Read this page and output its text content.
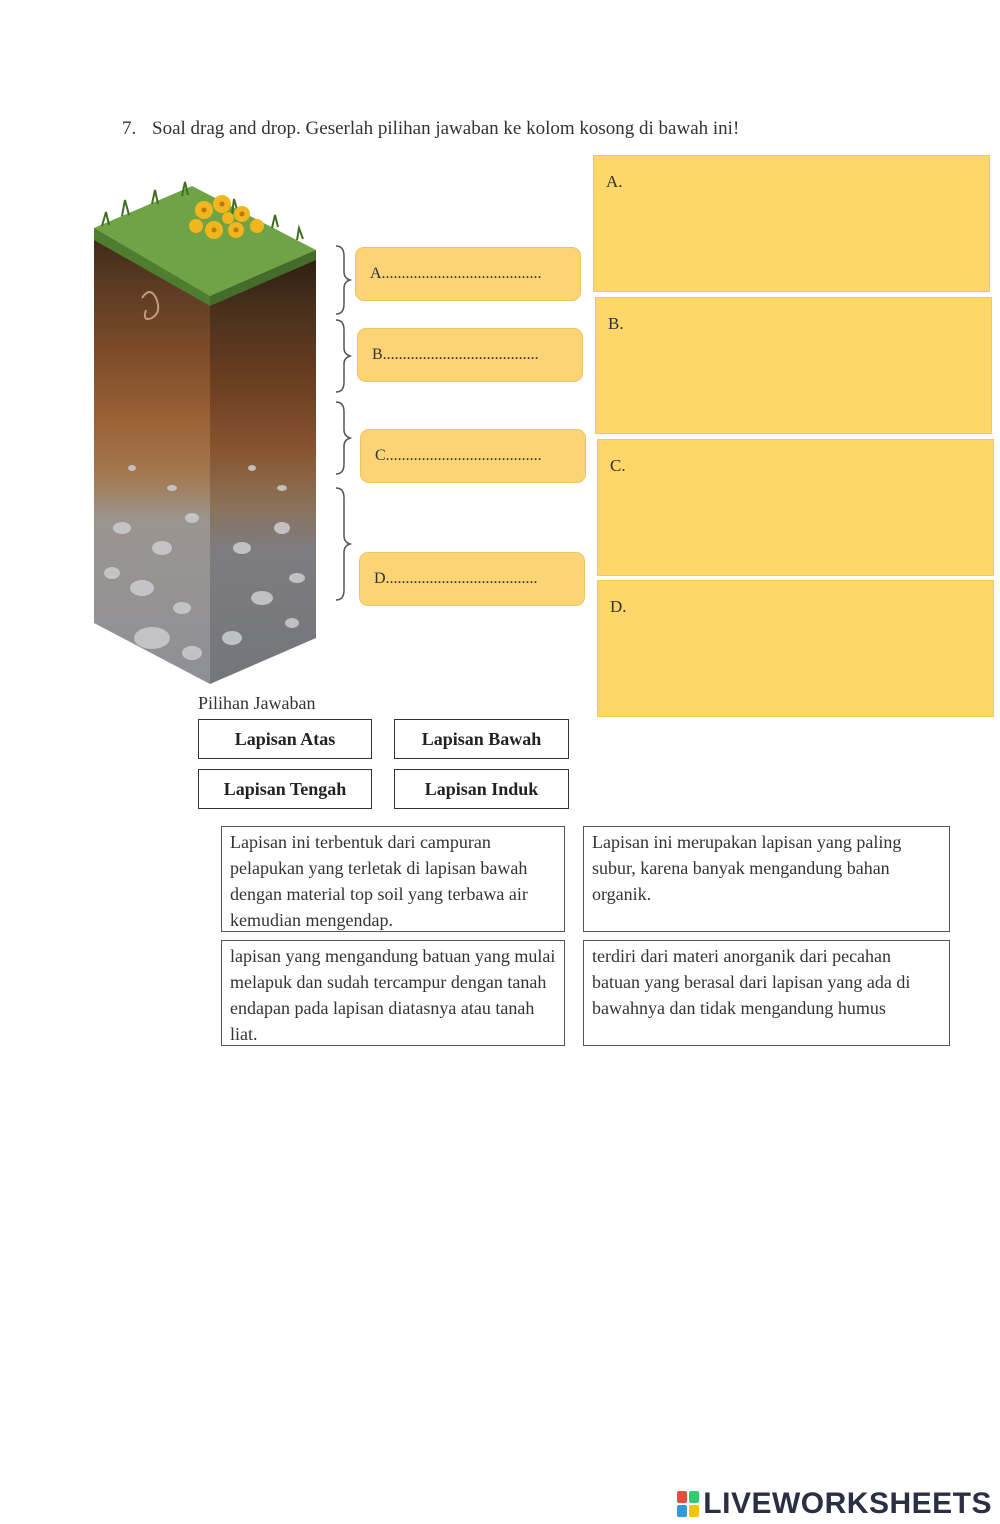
7. Soal drag and drop. Geserlah pilihan jawaban ke kolom kosong di bawah ini!
A........................................
B.......................................
C.......................................
D......................................
A.
B.
C.
D.
Pilihan Jawaban
Lapisan Atas	Lapisan Bawah
Lapisan Tengah	Lapisan Induk
Lapisan ini terbentuk dari campuran pelapukan yang terletak di lapisan bawah dengan material top soil yang terbawa air kemudian mengendap.
Lapisan ini merupakan lapisan yang paling subur, karena banyak mengandung bahan organik.
lapisan yang mengandung batuan yang mulai melapuk dan sudah tercampur dengan tanah endapan pada lapisan diatasnya atau tanah liat.
terdiri dari materi anorganik dari pecahan batuan yang berasal dari lapisan yang ada di bawahnya dan tidak mengandung humus
LIVEWORKSHEETS
